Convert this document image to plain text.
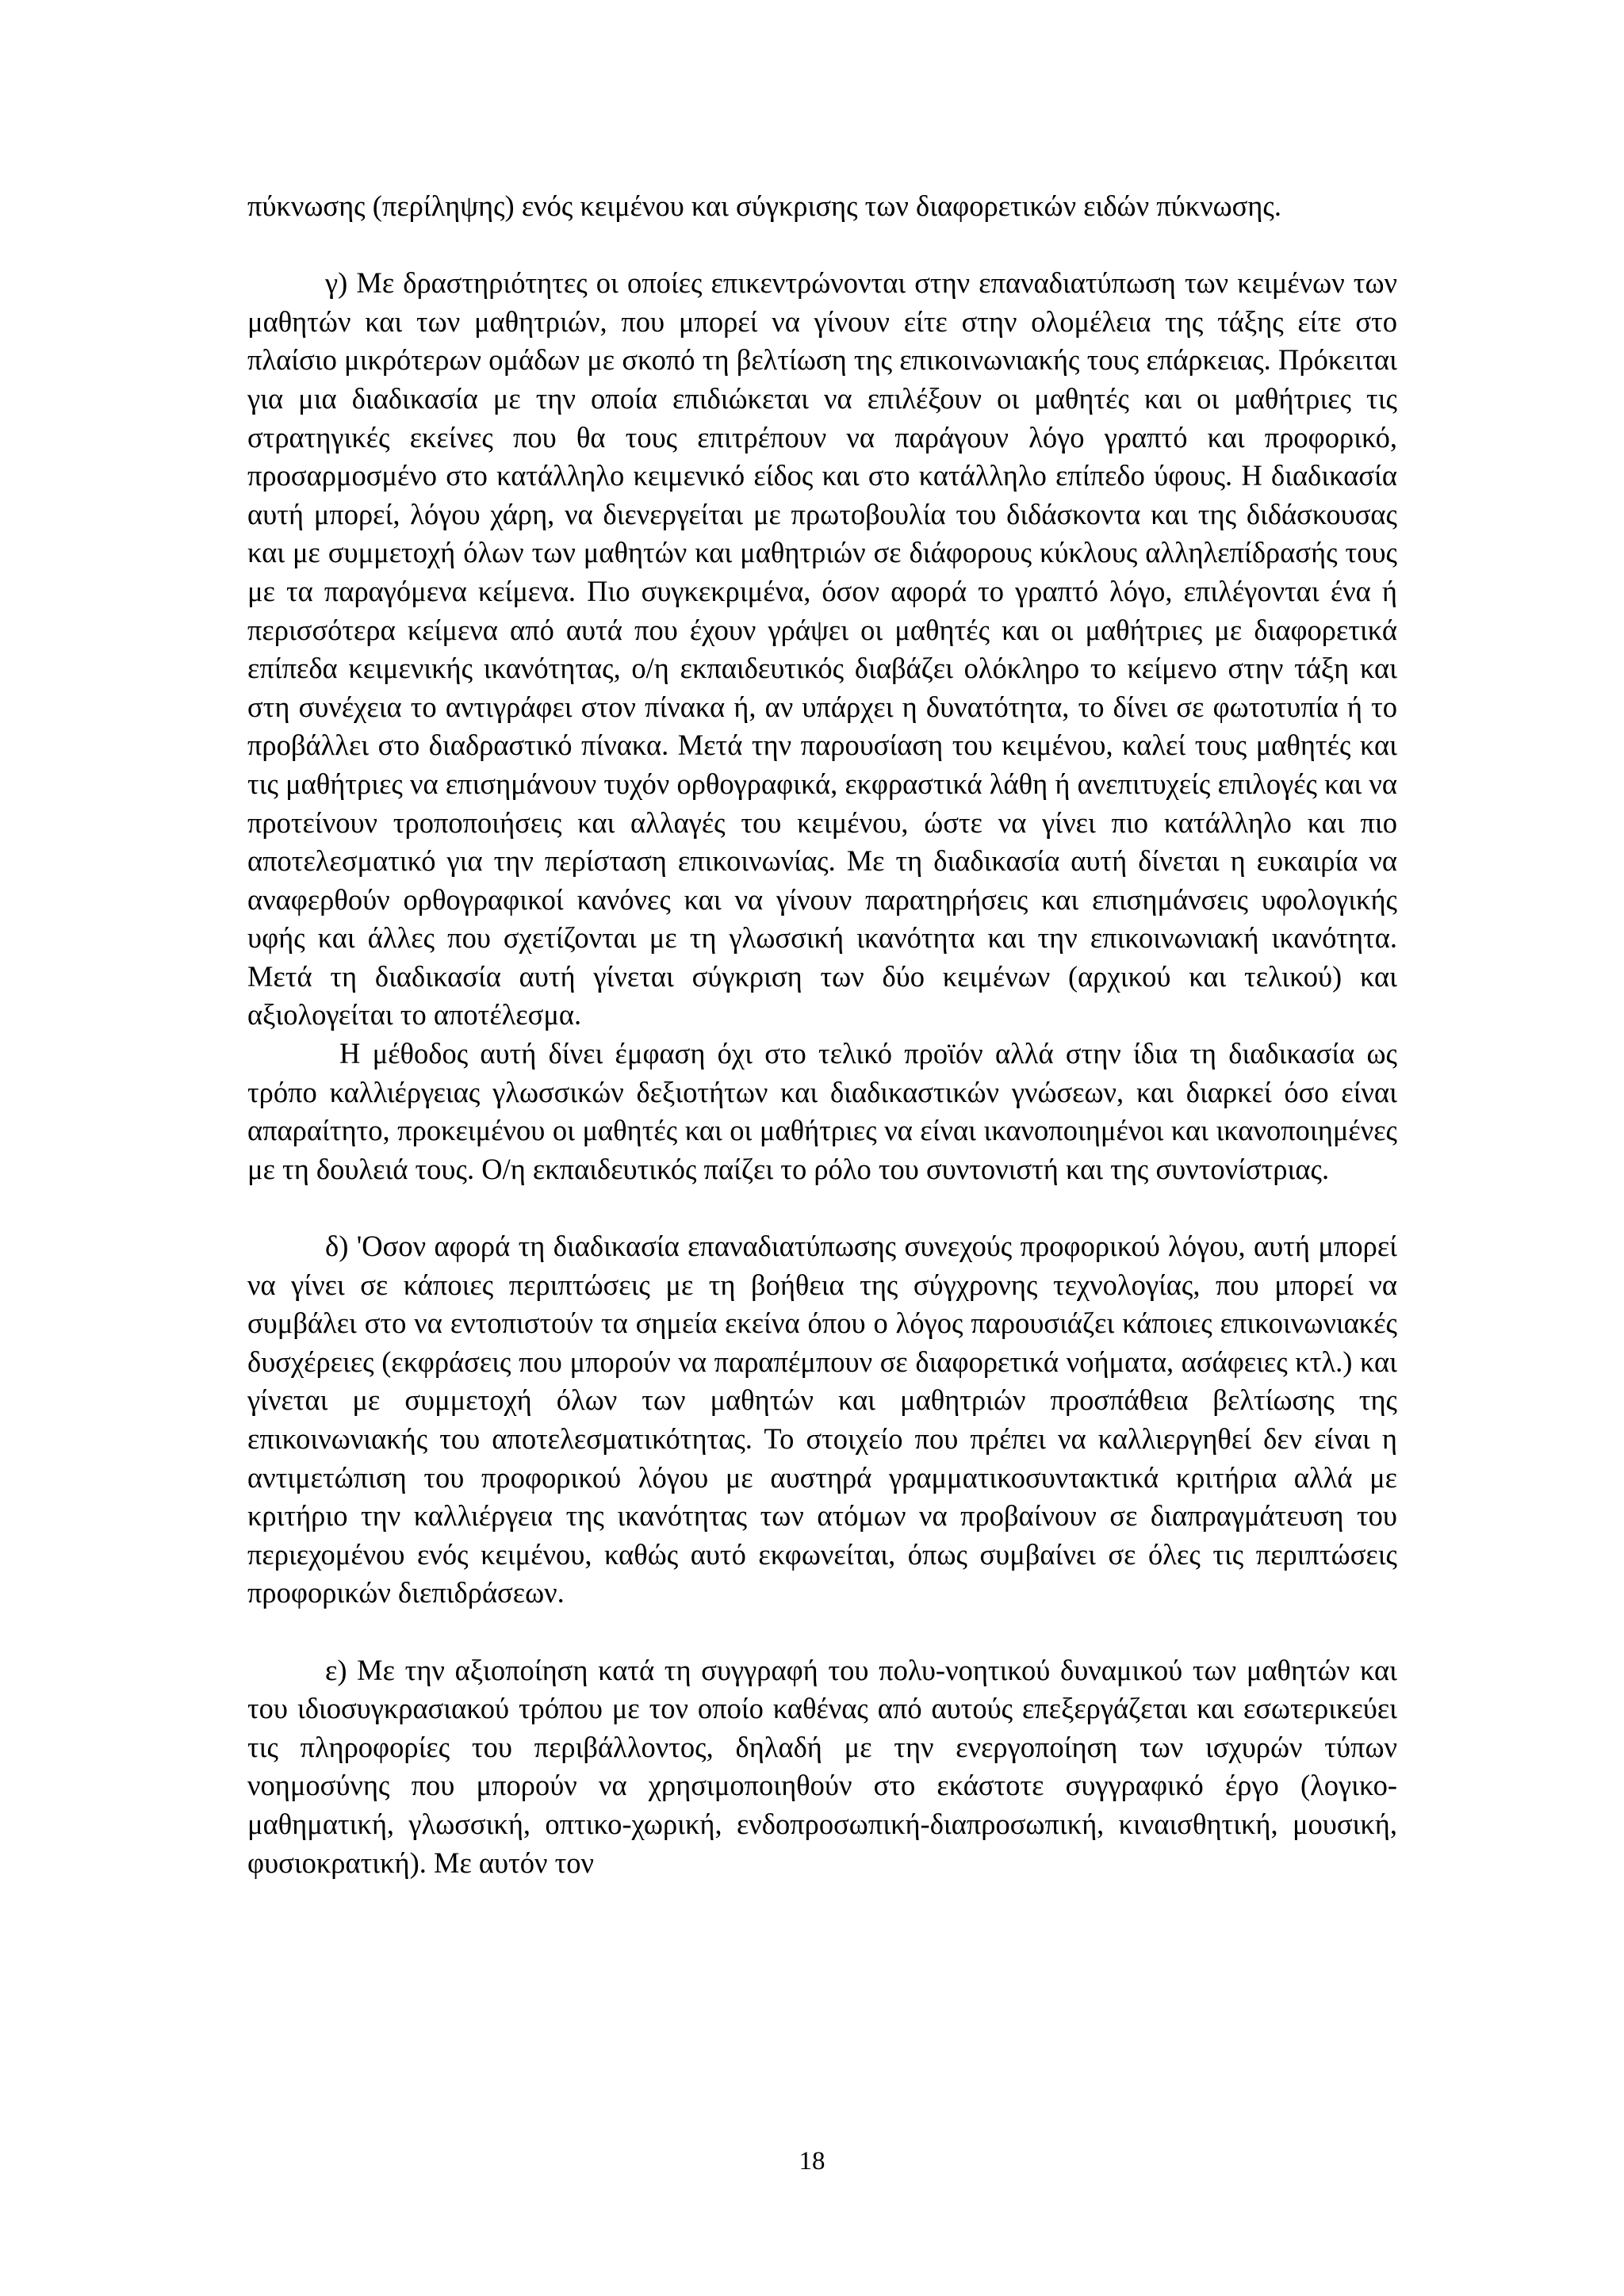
πύκνωσης (περίληψης) ενός κειμένου και σύγκρισης των διαφορετικών ειδών πύκνωσης.

γ) Με δραστηριότητες οι οποίες επικεντρώνονται στην επαναδιατύπωση των κειμένων των μαθητών και των μαθητριών, που μπορεί να γίνουν είτε στην ολομέλεια της τάξης είτε στο πλαίσιο μικρότερων ομάδων με σκοπό τη βελτίωση της επικοινωνιακής τους επάρκειας. Πρόκειται για μια διαδικασία με την οποία επιδιώκεται να επιλέξουν οι μαθητές και οι μαθήτριες τις στρατηγικές εκείνες που θα τους επιτρέπουν να παράγουν λόγο γραπτό και προφορικό, προσαρμοσμένο στο κατάλληλο κειμενικό είδος και στο κατάλληλο επίπεδο ύφους. Η διαδικασία αυτή μπορεί, λόγου χάρη, να διενεργείται με πρωτοβουλία του διδάσκοντα και της διδάσκουσας και με συμμετοχή όλων των μαθητών και μαθητριών σε διάφορους κύκλους αλληλεπίδρασής τους με τα παραγόμενα κείμενα. Πιο συγκεκριμένα, όσον αφορά το γραπτό λόγο, επιλέγονται ένα ή περισσότερα κείμενα από αυτά που έχουν γράψει οι μαθητές και οι μαθήτριες με διαφορετικά επίπεδα κειμενικής ικανότητας, ο/η εκπαιδευτικός διαβάζει ολόκληρο το κείμενο στην τάξη και στη συνέχεια το αντιγράφει στον πίνακα ή, αν υπάρχει η δυνατότητα, το δίνει σε φωτοτυπία ή το προβάλλει στο διαδραστικό πίνακα. Μετά την παρουσίαση του κειμένου, καλεί τους μαθητές και τις μαθήτριες να επισημάνουν τυχόν ορθογραφικά, εκφραστικά λάθη ή ανεπιτυχείς επιλογές και να προτείνουν τροποποιήσεις και αλλαγές του κειμένου, ώστε να γίνει πιο κατάλληλο και πιο αποτελεσματικό για την περίσταση επικοινωνίας. Με τη διαδικασία αυτή δίνεται η ευκαιρία να αναφερθούν ορθογραφικοί κανόνες και να γίνουν παρατηρήσεις και επισημάνσεις υφολογικής υφής και άλλες που σχετίζονται με τη γλωσσική ικανότητα και την επικοινωνιακή ικανότητα. Μετά τη διαδικασία αυτή γίνεται σύγκριση των δύο κειμένων (αρχικού και τελικού) και αξιολογείται το αποτέλεσμα.

Η μέθοδος αυτή δίνει έμφαση όχι στο τελικό προϊόν αλλά στην ίδια τη διαδικασία ως τρόπο καλλιέργειας γλωσσικών δεξιοτήτων και διαδικαστικών γνώσεων, και διαρκεί όσο είναι απαραίτητο, προκειμένου οι μαθητές και οι μαθήτριες να είναι ικανοποιημένοι και ικανοποιημένες με τη δουλειά τους. Ο/η εκπαιδευτικός παίζει το ρόλο του συντονιστή και της συντονίστριας.

δ) 'Οσον αφορά τη διαδικασία επαναδιατύπωσης συνεχούς προφορικού λόγου, αυτή μπορεί να γίνει σε κάποιες περιπτώσεις με τη βοήθεια της σύγχρονης τεχνολογίας, που μπορεί να συμβάλει στο να εντοπιστούν τα σημεία εκείνα όπου ο λόγος παρουσιάζει κάποιες επικοινωνιακές δυσχέρειες (εκφράσεις που μπορούν να παραπέμπουν σε διαφορετικά νοήματα, ασάφειες κτλ.) και γίνεται με συμμετοχή όλων των μαθητών και μαθητριών προσπάθεια βελτίωσης της επικοινωνιακής του αποτελεσματικότητας. Το στοιχείο που πρέπει να καλλιεργηθεί δεν είναι η αντιμετώπιση του προφορικού λόγου με αυστηρά γραμματικοσυντακτικά κριτήρια αλλά με κριτήριο την καλλιέργεια της ικανότητας των ατόμων να προβαίνουν σε διαπραγμάτευση του περιεχομένου ενός κειμένου, καθώς αυτό εκφωνείται, όπως συμβαίνει σε όλες τις περιπτώσεις προφορικών διεπιδράσεων.

ε) Με την αξιοποίηση κατά τη συγγραφή του πολυ-νοητικού δυναμικού των μαθητών και του ιδιοσυγκρασιακού τρόπου με τον οποίο καθένας από αυτούς επεξεργάζεται και εσωτερικεύει τις πληροφορίες του περιβάλλοντος, δηλαδή με την ενεργοποίηση των ισχυρών τύπων νοημοσύνης που μπορούν να χρησιμοποιηθούν στο εκάστοτε συγγραφικό έργο (λογικο-μαθηματική, γλωσσική, οπτικο-χωρική, ενδοπροσωπική-διαπροσωπική, κιναισθητική, μουσική, φυσιοκρατική). Με αυτόν τον

18
